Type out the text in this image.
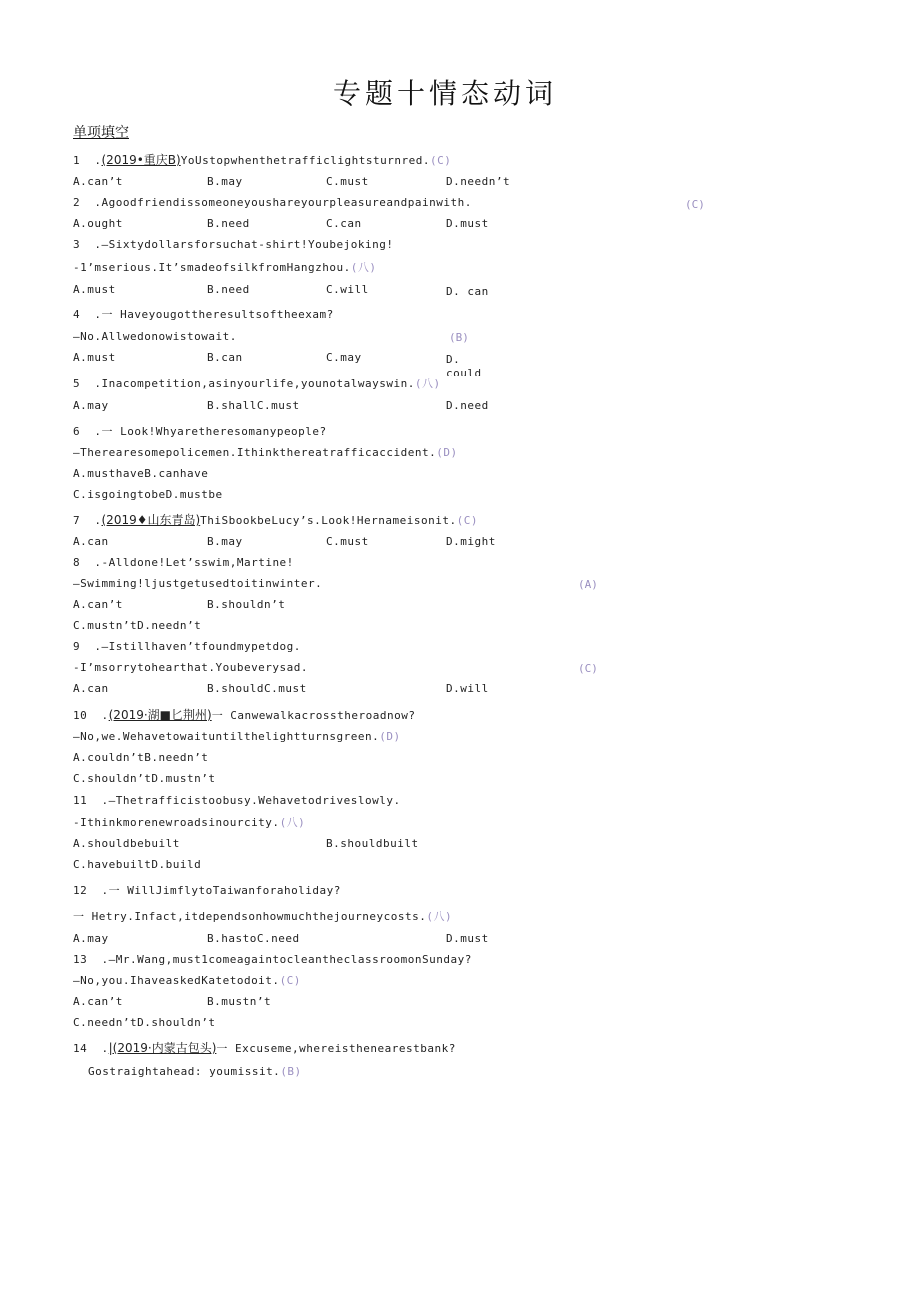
专题十情态动词
单项填空
1  .(2019•重庆B)YoUstopwhenthetrafficlightsturnred.(C)
A.can’t	B.may	C.must	D.needn’t
2 .Agoodfriendissomeoneyoushareyourpleasureandpainwith.	(C)
A.ought	B.need	C.can	D.must
3 .—Sixtydollarsforsuchat-shirt!Youbejoking!
-1’mserious.It’smadeofsilkfromHangzhou.(八)
A.must	B.need	C.will	D. can
4 .一 Haveyougottheresultsoftheexam?
—No.Allwedonowistowait.	(B)
A.must	B.can	C.may	D.
could
5 .Inacompetition,asinyourlife,younotalwayswin.(八)
A.may	B.shallC.must	D.need
6 .一 Look!Whyaretheresomanypeople?
—Therearesomepolicemen.Ithinkthereatrafficaccident.(D)
A.musthaveB.canhave
C.isgoingtobeD.mustbe
7  .(2019♦山东青岛)ThiSbookbeLucy’s.Look!Hernameisonit.(C)
A.can	B.may	C.must	D.might
8 .-Alldone!Let’sswim,Martine!
—Swimming!ljustgetusedtoitinwinter.	(A)
A.can’t	B.shouldn’t
C.mustn’tD.needn’t
9 .—Istillhaven’tfoundmypetdog.
-I’msorrytohearthat.Youbeverysad.	(C)
A.can	B.shouldC.must	D.will
10  .(2019·湖■匕荆州)一 Canwewalkacrosstheroadnow?
—No,we.Wehavetowaituntilthelightturnsgreen.(D)
A.couldn’tB.needn’t
C.shouldn’tD.mustn’t
11 .—Thetrafficistoobusy.Wehavetodriveslowly.
-Ithinkmorenewroadsinourcity.(八)
A.shouldbebuilt	B.shouldbuilt
C.havebuiltD.build
12 .一 WillJimflytoTaiwanforaholiday?
一 Hetry.Infact,itdependsonhowmuchthejourneycosts.(八)
A.may	B.hastoC.need	D.must
13 .—Mr.Wang,must1comeagaintocleantheclassroomonSunday?
—No,you.IhaveaskedKatetodoit.(C)
A.can’t	B.mustn’t
C.needn’tD.shouldn’t
14  .|(2019·内蒙古包头)一 Excuseme,whereisthenearestbank?
Gostraightahead: youmissit.(B)
